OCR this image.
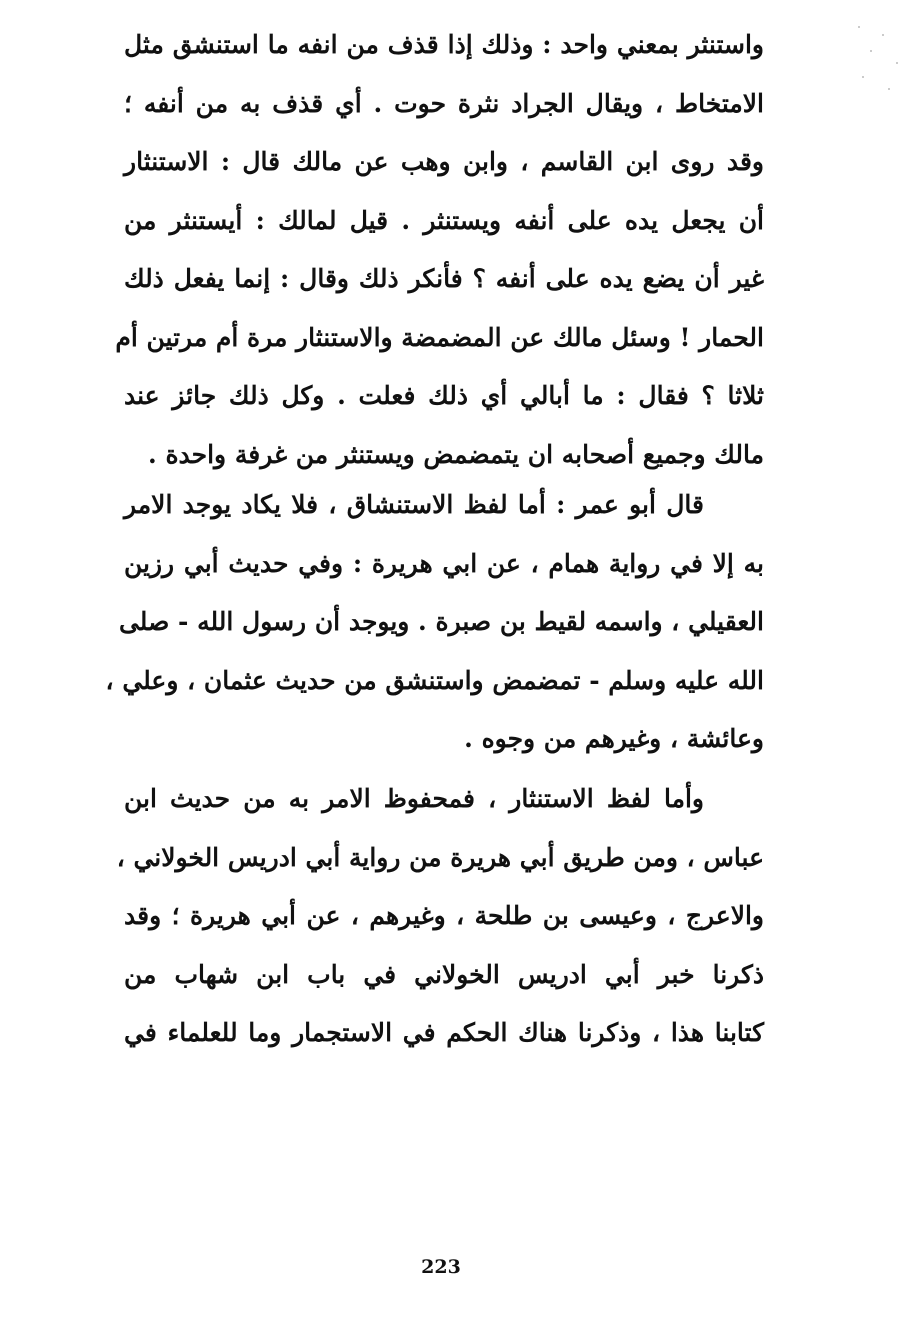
واستنثر بمعني واحد : وذلك إذا قذف من انفه ما استنشق مثل
الامتخاط ، ويقال الجراد نثرة حوت . أي قذف به من أنفه ؛
وقد روى ابن القاسم ، وابن وهب عن مالك قال : الاستنثار
أن يجعل يده على أنفه ويستنثر . قيل لمالك : أيستنثر من
غير أن يضع يده على أنفه ؟ فأنكر ذلك وقال : إنما يفعل ذلك
الحمار ! وسئل مالك عن المضمضة والاستنثار مرة أم مرتين أم
ثلاثا ؟ فقال : ما أبالي أي ذلك فعلت . وكل ذلك جائز عند
مالك وجميع أصحابه ان يتمضمض ويستنثر من غرفة واحدة .
قال أبو عمر : أما لفظ الاستنشاق ، فلا يكاد يوجد الامر
به إلا في رواية همام ، عن ابي هريرة : وفي حديث أبي رزين
العقيلي ، واسمه لقيط بن صبرة . ويوجد أن رسول الله - صلى
الله عليه وسلم - تمضمض واستنشق من حديث عثمان ، وعلي ،
وعائشة ، وغيرهم من وجوه .
وأما لفظ الاستنثار ، فمحفوظ الامر به من حديث ابن
عباس ، ومن طريق أبي هريرة من رواية أبي ادريس الخولاني ،
والاعرج ، وعيسى بن طلحة ، وغيرهم ، عن أبي هريرة ؛ وقد
ذكرنا خبر أبي ادريس الخولاني في باب ابن شهاب من
كتابنا هذا ، وذكرنا هناك الحكم في الاستجمار وما للعلماء في
223
